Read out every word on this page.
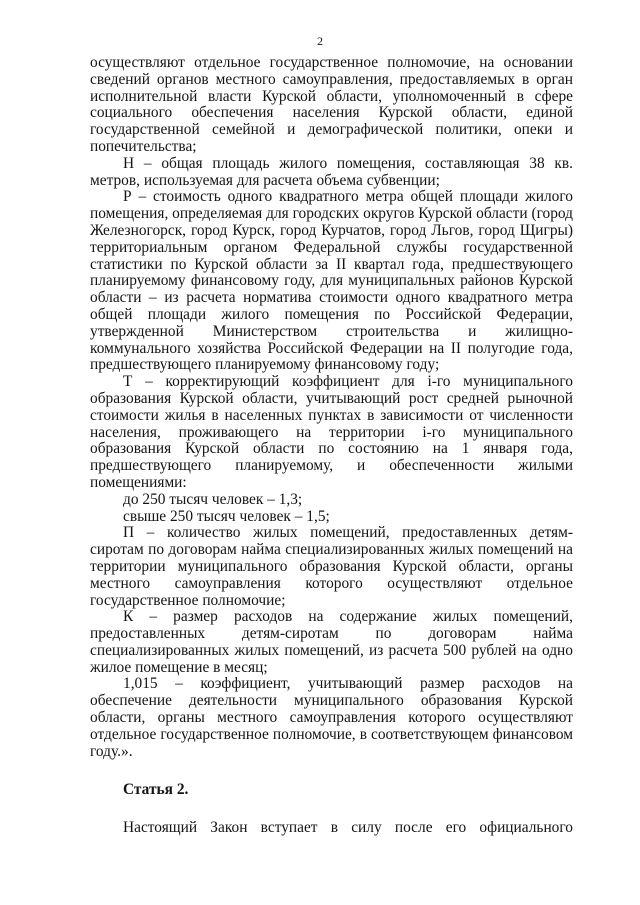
2

осуществляют отдельное государственное полномочие, на основании сведений органов местного самоуправления, предоставляемых в орган исполнительной власти Курской области, уполномоченный в сфере социального обеспечения населения Курской области, единой государственной семейной и демографической политики, опеки и попечительства;

Н – общая площадь жилого помещения, составляющая 38 кв. метров, используемая для расчета объема субвенции;

Р – стоимость одного квадратного метра общей площади жилого помещения, определяемая для городских округов Курской области (город Железногорск, город Курск, город Курчатов, город Льгов, город Щигры) территориальным органом Федеральной службы государственной статистики по Курской области за II квартал года, предшествующего планируемому финансовому году, для муниципальных районов Курской области – из расчета норматива стоимости одного квадратного метра общей площади жилого помещения по Российской Федерации, утвержденной Министерством строительства и жилищно-коммунального хозяйства Российской Федерации на II полугодие года, предшествующего планируемому финансовому году;

Т – корректирующий коэффициент для i-го муниципального образования Курской области, учитывающий рост средней рыночной стоимости жилья в населенных пунктах в зависимости от численности населения, проживающего на территории i-го муниципального образования Курской области по состоянию на 1 января года, предшествующего планируемому, и обеспеченности жилыми помещениями:

до 250 тысяч человек – 1,3;

свыше 250 тысяч человек – 1,5;

П – количество жилых помещений, предоставленных детям-сиротам по договорам найма специализированных жилых помещений на территории муниципального образования Курской области, органы местного самоуправления которого осуществляют отдельное государственное полномочие;

К – размер расходов на содержание жилых помещений, предоставленных детям-сиротам по договорам найма специализированных жилых помещений, из расчета 500 рублей на одно жилое помещение в месяц;

1,015 – коэффициент, учитывающий размер расходов на обеспечение деятельности муниципального образования Курской области, органы местного самоуправления которого осуществляют отдельное государственное полномочие, в соответствующем финансовом году.».

Статья 2.
Настоящий Закон вступает в силу после его официального
